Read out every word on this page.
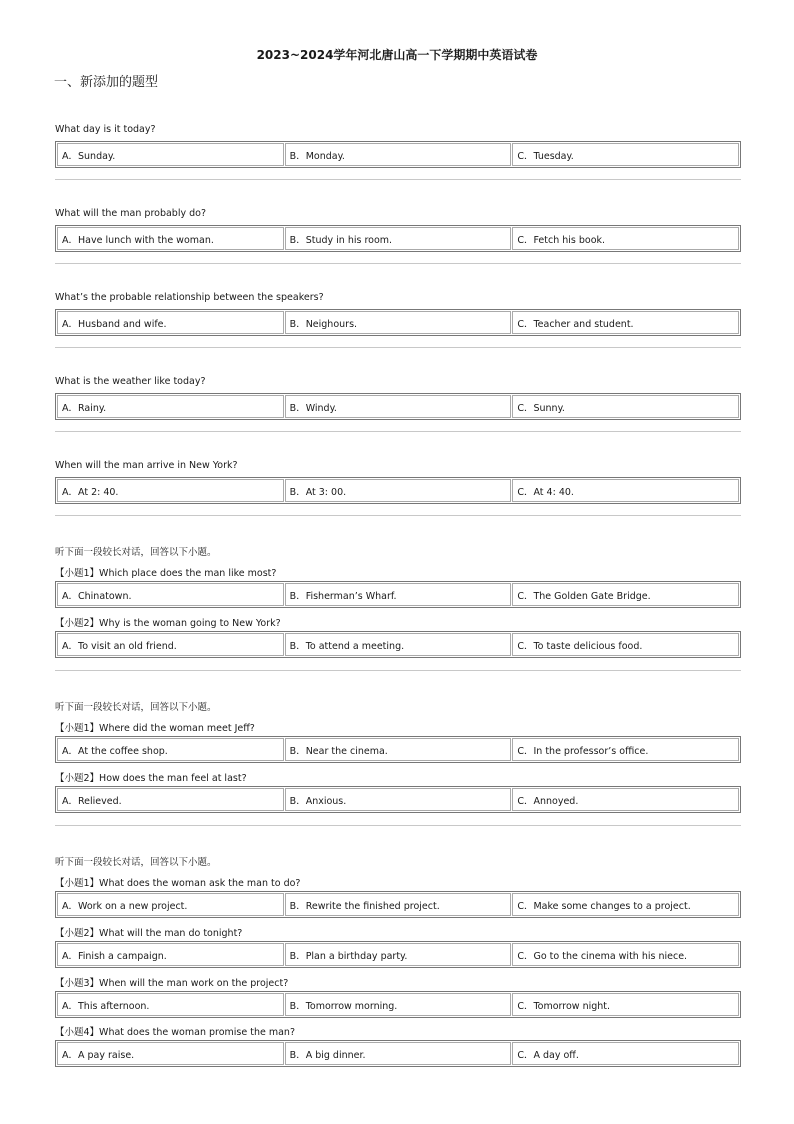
2023~2024学年河北唐山高一下学期期中英语试卷
一、新添加的题型
What day is it today?
A．Sunday.	B．Monday.	C．Tuesday.
What will the man probably do?
A．Have lunch with the woman.	B．Study in his room.	C．Fetch his book.
What’s the probable relationship between the speakers?
A．Husband and wife.	B．Neighours.	C．Teacher and student.
What is the weather like today?
A．Rainy.	B．Windy.	C．Sunny.
When will the man arrive in New York?
A．At 2: 40.	B．At 3: 00.	C．At 4: 40.
听下面一段较长对话，回答以下小题。
【小题1】Which place does the man like most?
A．Chinatown.	B．Fisherman’s Wharf.	C．The Golden Gate Bridge.
【小题2】Why is the woman going to New York?
A．To visit an old friend.	B．To attend a meeting.	C．To taste delicious food.
听下面一段较长对话，回答以下小题。
【小题1】Where did the woman meet Jeff?
A．At the coffee shop.	B．Near the cinema.	C．In the professor’s office.
【小题2】How does the man feel at last?
A．Relieved.	B．Anxious.	C．Annoyed.
听下面一段较长对话，回答以下小题。
【小题1】What does the woman ask the man to do?
A．Work on a new project.	B．Rewrite the finished project.	C．Make some changes to a project.
【小题2】What will the man do tonight?
A．Finish a campaign.	B．Plan a birthday party.	C．Go to the cinema with his niece.
【小题3】When will the man work on the project?
A．This afternoon.	B．Tomorrow morning.	C．Tomorrow night.
【小题4】What does the woman promise the man?
A．A pay raise.	B．A big dinner.	C．A day off.
